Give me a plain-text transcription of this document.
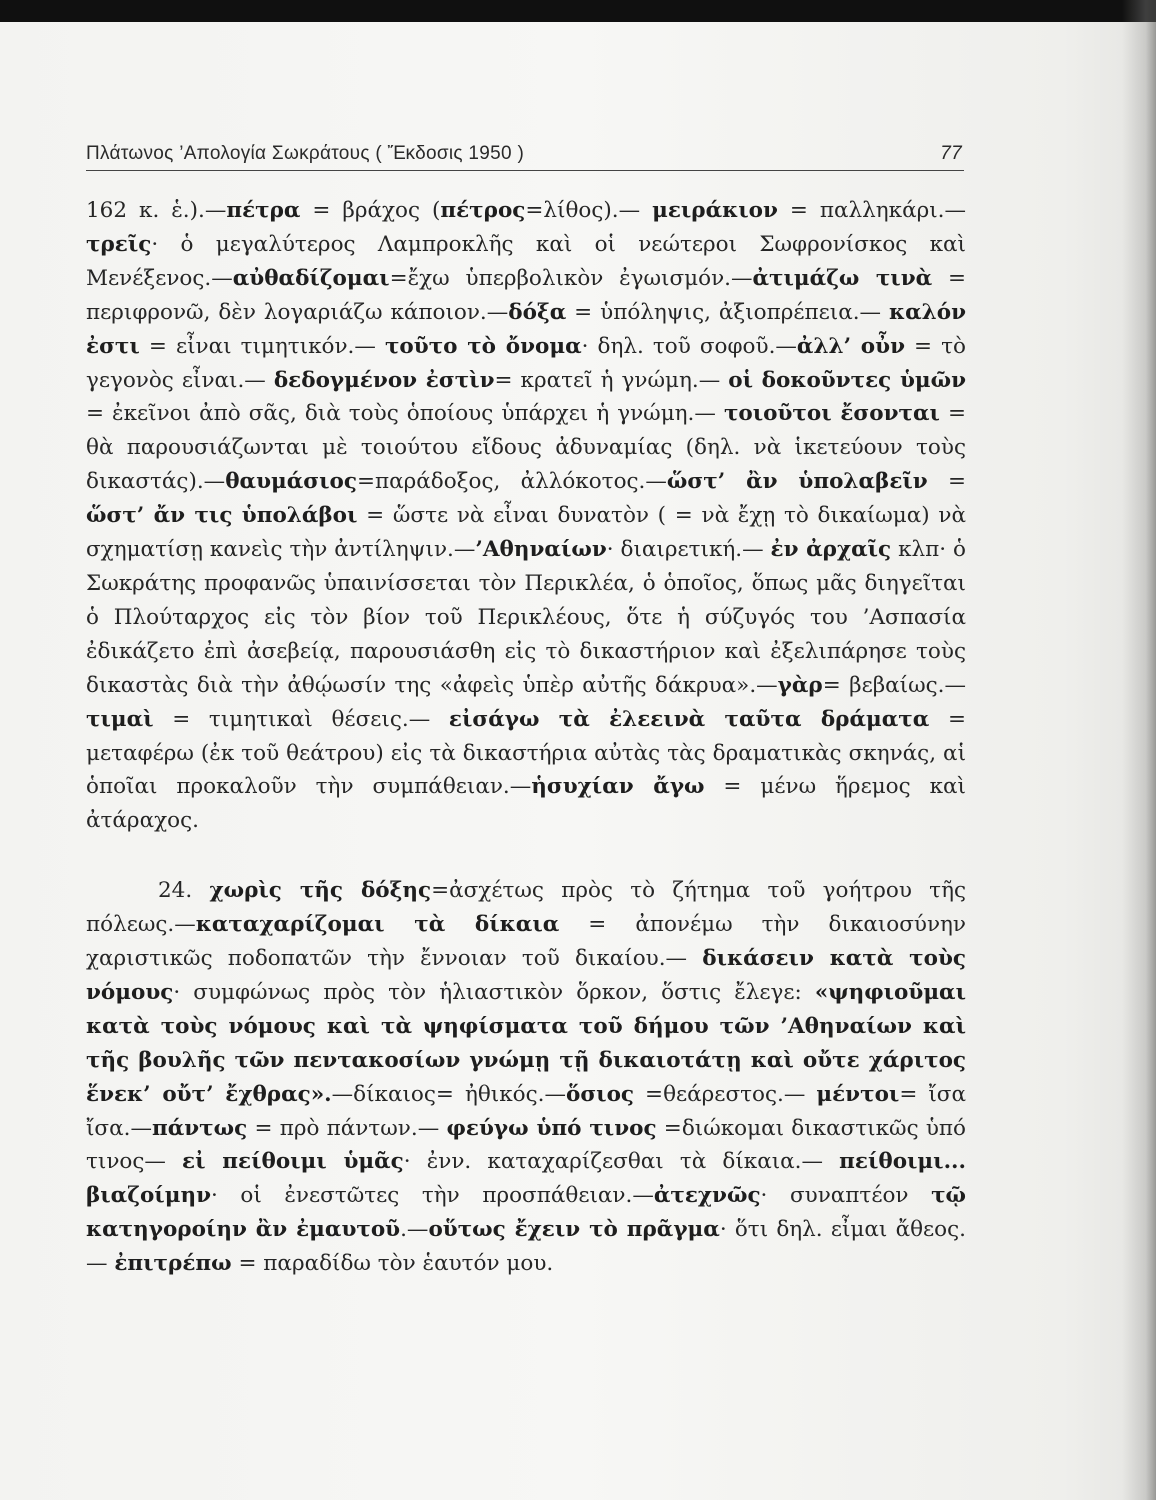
Πλάτωνος ’Απολογία Σωκράτους ( Ἔκδοσις 1950 )	77

162 κ. ἑ.).—πέτρα = βράχος (πέτρος=λίθος).— μειράκιον = παλληκάρι.—τρεῖς· ὁ μεγαλύτερος Λαμπροκλῆς καὶ οἱ νεώτεροι Σωφρονίσκος καὶ Μενέξενος.—αὐθαδίζομαι=ἔχω ὑπερβολικὸν ἐγωισμόν.—ἀτιμάζω τινὰ = περιφρονῶ, δὲν λογαριάζω κάποιον.—δόξα = ὑπόληψις, ἀξιοπρέπεια.— καλόν ἐστι = εἶναι τιμητικόν.— τοῦτο τὸ ὄνομα· δηλ. τοῦ σοφοῦ.—ἀλλ’ οὖν = τὸ γεγονὸς εἶναι.— δεδογμένον ἐστὶν= κρατεῖ ἡ γνώμη.— οἱ δοκοῦντες ὑμῶν = ἐκεῖνοι ἀπὸ σᾶς, διὰ τοὺς ὁποίους ὑπάρχει ἡ γνώμη.— τοιοῦτοι ἔσονται = θὰ παρουσιάζωνται μὲ τοιούτου εἴδους ἀδυναμίας (δηλ. νὰ ἱκετεύουν τοὺς δικαστάς).—θαυμάσιος=παράδοξος, ἀλλόκοτος.—ὥστ’ ἂν ὑπολαβεῖν = ὥστ’ ἄν τις ὑπολάβοι = ὥστε νὰ εἶναι δυνατὸν ( = νὰ ἔχῃ τὸ δικαίωμα) νὰ σχηματίσῃ κανεὶς τὴν ἀντίληψιν.—’Αθηναίων· διαιρετική.— ἐν ἀρχαῖς κλπ· ὁ Σωκράτης προφανῶς ὑπαινίσσεται τὸν Περικλέα, ὁ ὁποῖος, ὅπως μᾶς διηγεῖται ὁ Πλούταρχος εἰς τὸν βίον τοῦ Περικλέους, ὅτε ἡ σύζυγός του ’Ασπασία ἐδικάζετο ἐπὶ ἀσεβείᾳ, παρουσιάσθη εἰς τὸ δικαστήριον καὶ ἐξελιπάρησε τοὺς δικαστὰς διὰ τὴν ἀθῴωσίν της «ἀφεὶς ὑπὲρ αὐτῆς δάκρυα».—γὰρ= βεβαίως.— τιμαὶ = τιμητικαὶ θέσεις.— εἰσάγω τὰ ἐλεεινὰ ταῦτα δράματα = μεταφέρω (ἐκ τοῦ θεάτρου) εἰς τὰ δικαστήρια αὐτὰς τὰς δραματικὰς σκηνάς, αἱ ὁποῖαι προκαλοῦν τὴν συμπάθειαν.—ἡσυχίαν ἄγω = μένω ἥρεμος καὶ ἀτάραχος.

24. χωρὶς τῆς δόξης=ἀσχέτως πρὸς τὸ ζήτημα τοῦ γοήτρου τῆς πόλεως.—καταχαρίζομαι τὰ δίκαια = ἀπονέμω τὴν δικαιοσύνην χαριστικῶς ποδοπατῶν τὴν ἔννοιαν τοῦ δικαίου.— δικάσειν κατὰ τοὺς νόμους· συμφώνως πρὸς τὸν ἡλιαστικὸν ὅρκον, ὅστις ἔλεγε: «ψηφιοῦμαι κατὰ τοὺς νόμους καὶ τὰ ψηφίσματα τοῦ δήμου τῶν ’Αθηναίων καὶ τῆς βουλῆς τῶν πεντακοσίων γνώμῃ τῇ δικαιοτάτῃ καὶ οὔτε χάριτος ἕνεκ’ οὔτ’ ἔχθρας».—δίκαιος= ἠθικός.—ὅσιος =θεάρεστος.— μέντοι= ἴσα ἴσα.—πάντως = πρὸ πάντων.— φεύγω ὑπό τινος =διώκομαι δικαστικῶς ὑπό τινος— εἰ πείθοιμι ὑμᾶς· ἐνν. καταχαρίζεσθαι τὰ δίκαια.— πείθοιμι... βιαζοίμην· οἱ ἐνεστῶτες τὴν προσπάθειαν.—ἀτεχνῶς· συναπτέον τῷ κατηγοροίην ἂν ἐμαυτοῦ.—οὕτως ἔχειν τὸ πρᾶγμα· ὅτι δηλ. εἶμαι ἄθεος.— ἐπιτρέπω = παραδίδω τὸν ἑαυτόν μου.
